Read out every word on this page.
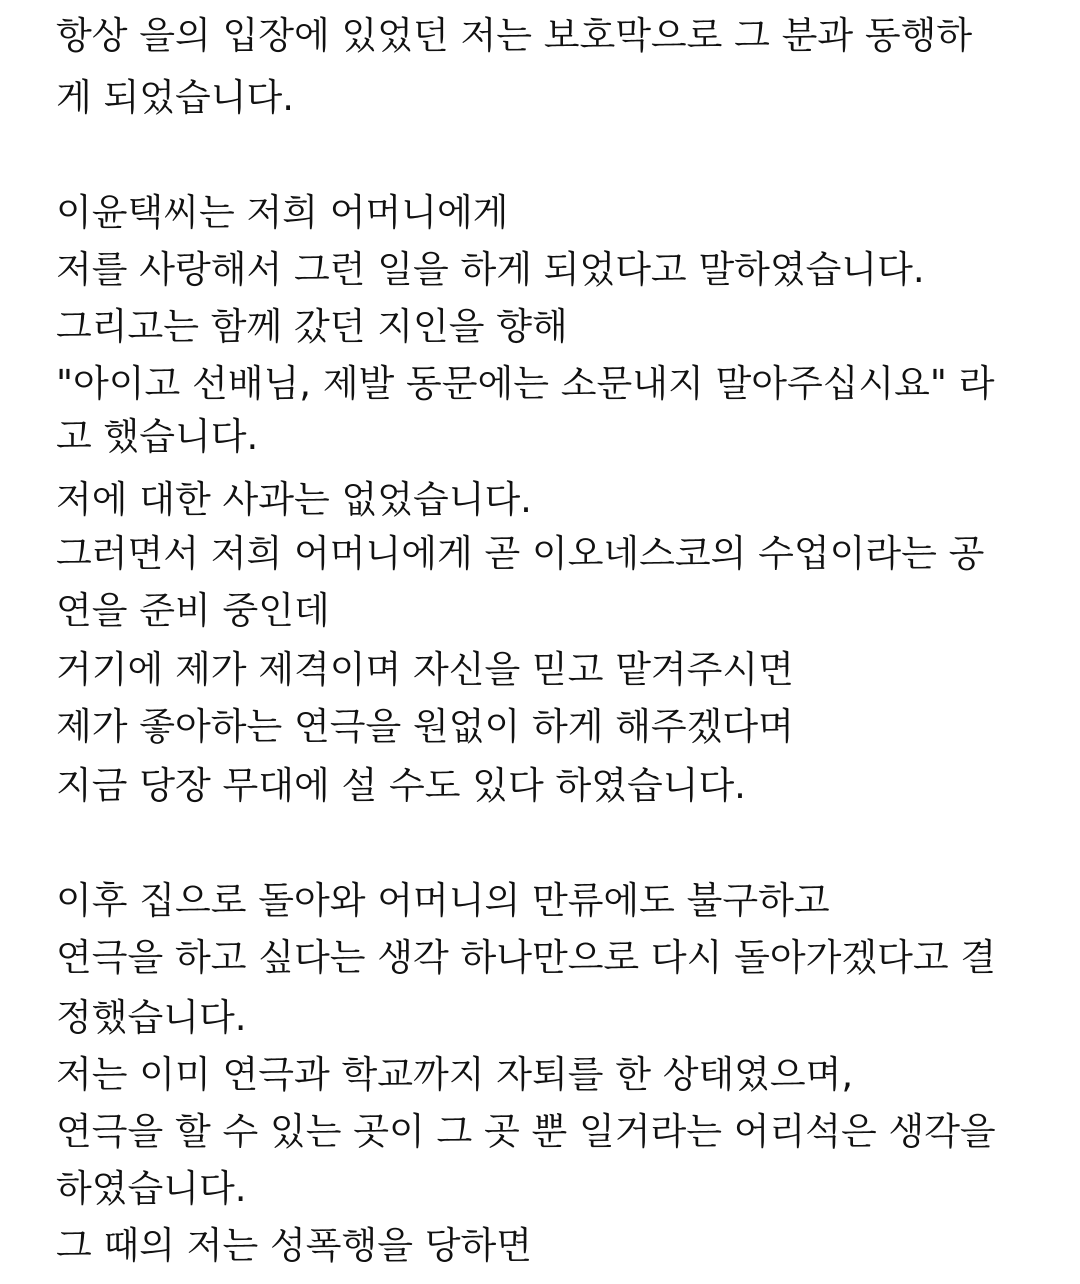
항상 을의 입장에 있었던 저는 보호막으로 그 분과 동행하
게 되었습니다.
이윤택씨는 저희 어머니에게
저를 사랑해서 그런 일을 하게 되었다고 말하였습니다.
그리고는 함께 갔던 지인을 향해
"아이고 선배님, 제발 동문에는 소문내지 말아주십시요" 라
고 했습니다.
저에 대한 사과는 없었습니다.
그러면서 저희 어머니에게 곧 이오네스코의 수업이라는 공
연을 준비 중인데
거기에 제가 제격이며 자신을 믿고 맡겨주시면
제가 좋아하는 연극을 원없이 하게 해주겠다며
지금 당장 무대에 설 수도 있다 하였습니다.
이후 집으로 돌아와 어머니의 만류에도 불구하고
연극을 하고 싶다는 생각 하나만으로 다시 돌아가겠다고 결
정했습니다.
저는 이미 연극과 학교까지 자퇴를 한 상태였으며,
연극을 할 수 있는 곳이 그 곳 뿐 일거라는 어리석은 생각을
하였습니다.
그 때의 저는 성폭행을 당하면
